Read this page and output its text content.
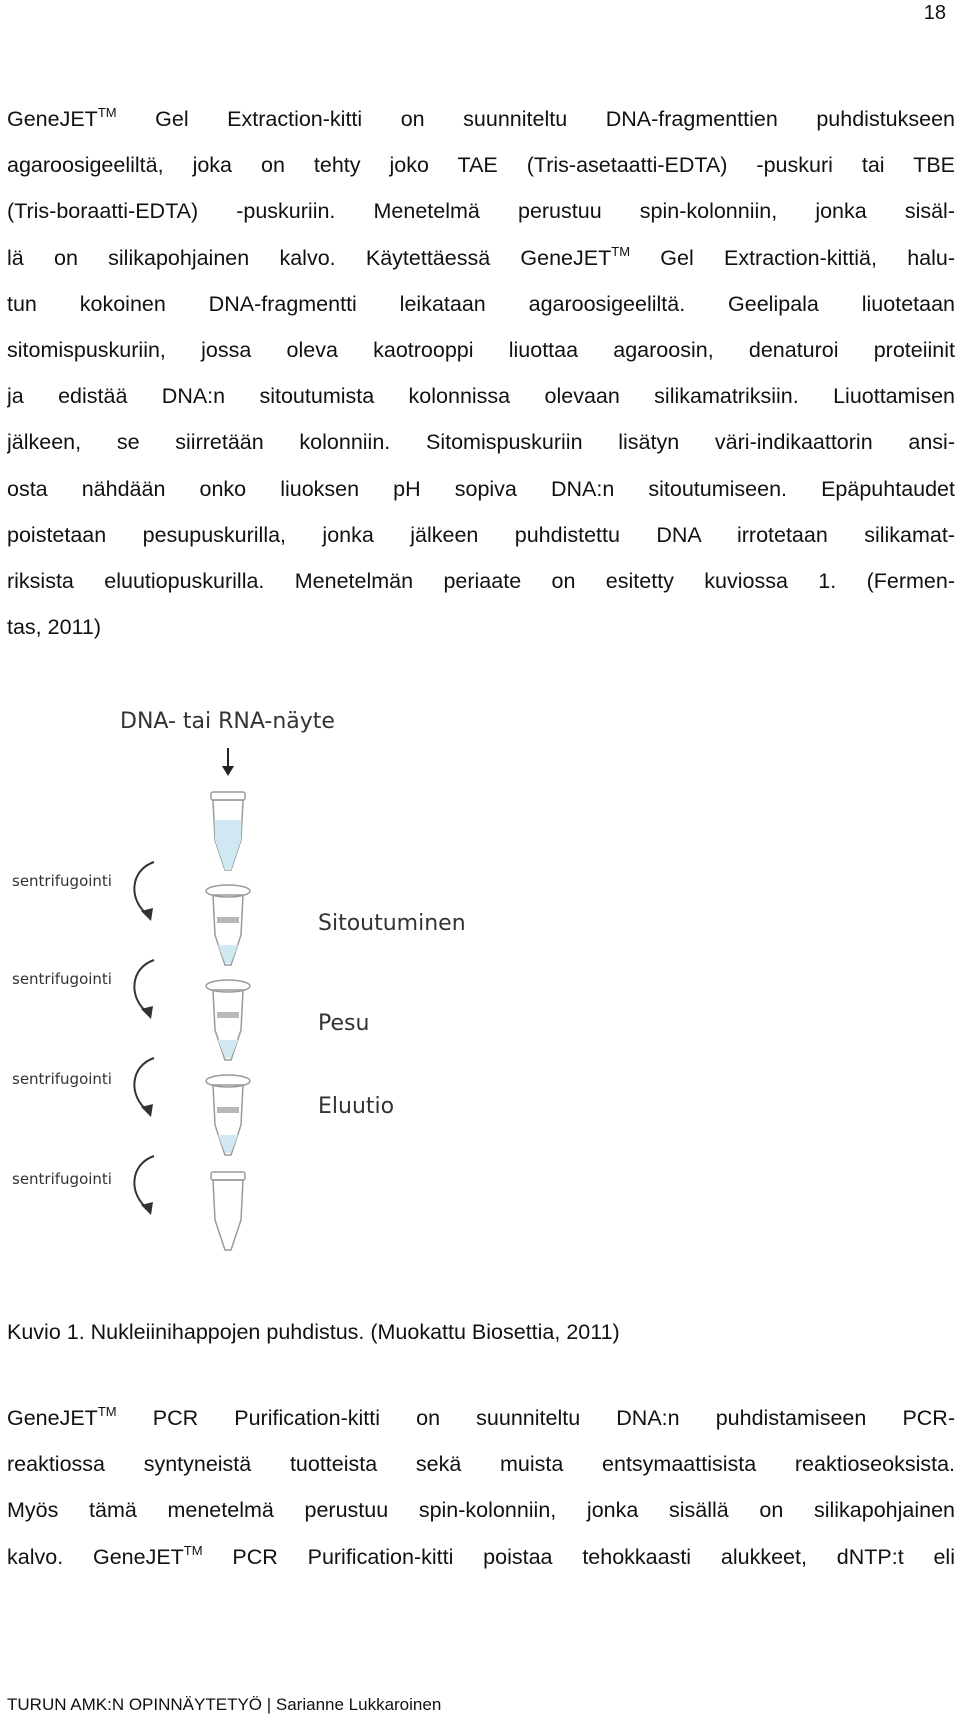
18
GeneJET™ Gel Extraction-kitti on suunniteltu DNA-fragmenttien puhdistukseen
agaroosigeeliltä, joka on tehty joko TAE (Tris-asetaatti-EDTA) -puskuri tai TBE
(Tris-boraatti-EDTA) -puskuriin. Menetelmä perustuu spin-kolonniin, jonka sisäl-
lä on silikapohjainen kalvo. Käytettäessä GeneJET™ Gel Extraction-kittiä, halu-
tun kokoinen DNA-fragmentti leikataan agaroosigeeliltä. Geelipala liuotetaan
sitomispuskuriin, jossa oleva kaotrooppi liuottaa agaroosin, denaturoi proteiinit
ja edistää DNA:n sitoutumista kolonnissa olevaan silikamatriksiin. Liuottamisen
jälkeen, se siirretään kolonniin. Sitomispuskuriin lisätyn väri-indikaattorin ansi-
osta nähdään onko liuoksen pH sopiva DNA:n sitoutumiseen. Epäpuhtaudet
poistetaan pesupuskurilla, jonka jälkeen puhdistettu DNA irrotetaan silikamat-
riksista eluutiopuskurilla. Menetelmän periaate on esitetty kuviossa 1. (Fermen-
tas, 2011)
DNA- tai RNA-näyte
sentrifugointi
sentrifugointi
sentrifugointi
sentrifugointi
Sitoutuminen
Pesu
Eluutio
Kuvio 1. Nukleiinihappojen puhdistus. (Muokattu Biosettia, 2011)
GeneJET™ PCR Purification-kitti on suunniteltu DNA:n puhdistamiseen PCR-
reaktiossa syntyneistä tuotteista sekä muista entsymaattisista reaktioseoksista.
Myös tämä menetelmä perustuu spin-kolonniin, jonka sisällä on silikapohjainen
kalvo. GeneJET™ PCR Purification-kitti poistaa tehokkaasti alukkeet, dNTP:t eli
TURUN AMK:N OPINNÄYTETYÖ | Sarianne Lukkaroinen
